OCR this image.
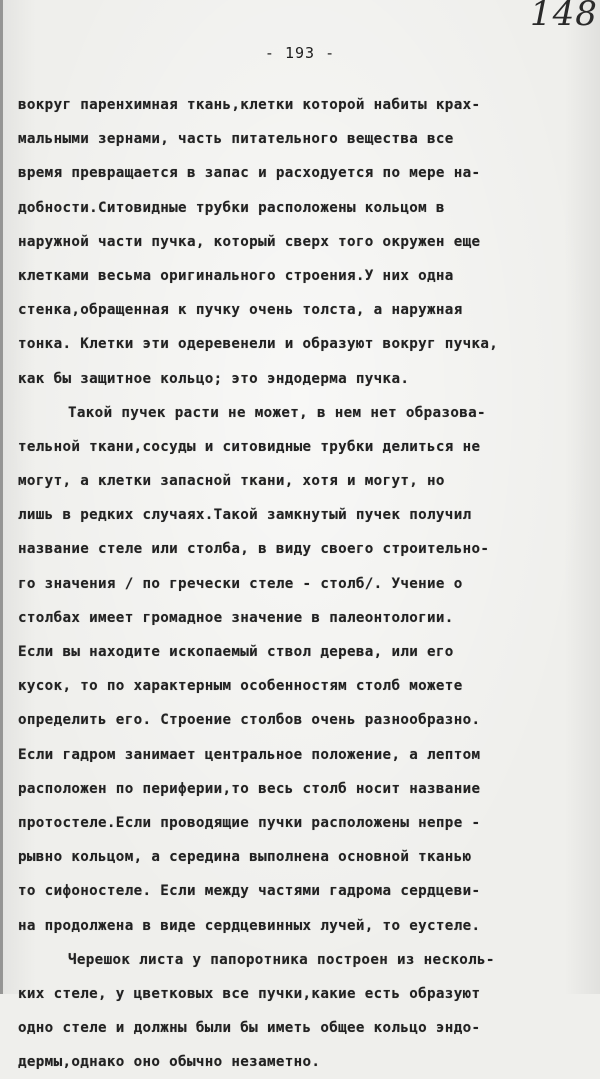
148
- 193 -
вокруг паренхимная ткань,клетки которой набиты крах-
мальными зернами, часть питательного вещества все
время превращается в запас и расходуется по мере на-
добности.Ситовидные трубки расположены кольцом в
наружной части пучка, который сверх того окружен еще
клетками весьма оригинального строения.У них одна
стенка,обращенная к пучку очень толста, а наружная
тонка. Клетки эти одеревенели и образуют вокруг пучка,
как бы защитное кольцо; это эндодерма пучка.
Такой пучек расти не может, в нем нет образова-
тельной ткани,сосуды и ситовидные трубки делиться не
могут, а клетки запасной ткани, хотя и могут, но
лишь в редких случаях.Такой замкнутый пучек получил
название стеле или столба, в виду своего строительно-
го значения / по гречески стеле - столб/. Учение о
столбах имеет громадное значение в палеонтологии.
Если вы находите ископаемый ствол дерева, или его
кусок, то по характерным особенностям столб можете
определить его. Строение столбов очень разнообразно.
Если гадром занимает центральное положение, а лептом
расположен по периферии,то весь столб носит название
протостеле.Если проводящие пучки расположены непре -
рывно кольцом, а середина выполнена основной тканью
то сифоностеле. Если между частями гадрома сердцеви-
на продолжена в виде сердцевинных лучей, то еустеле.
Черешок листа у папоротника построен из несколь-
ких стеле, у цветковых все пучки,какие есть образуют
одно стеле и должны были бы иметь общее кольцо эндо-
дермы,однако оно обычно незаметно.
